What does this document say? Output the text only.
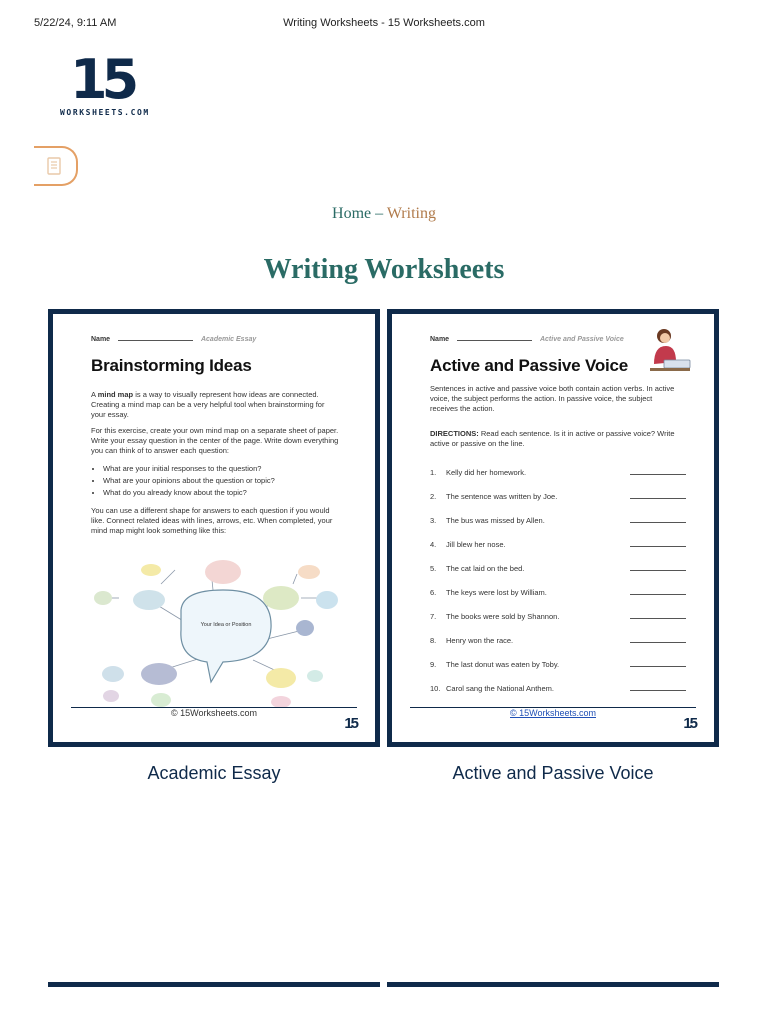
5/22/24, 9:11 AM	Writing Worksheets - 15 Worksheets.com
15
WORKSHEETS.COM
Home – Writing
Writing Worksheets
Name	Academic Essay
Brainstorming Ideas
A mind map is a way to visually represent how ideas are connected. Creating a mind map can be a very helpful tool when brainstorming for your essay.
For this exercise, create your own mind map on a separate sheet of paper. Write your essay question in the center of the page. Write down everything you can think of to answer each question:
• What are your initial responses to the question?
• What are your opinions about the question or topic?
• What do you already know about the topic?
You can use a different shape for answers to each question if you would like. Connect related ideas with lines, arrows, etc. When completed, your mind map might look something like this:
Your Idea or Position
© 15Worksheets.com
15
Name	Active and Passive Voice
Active and Passive Voice
Sentences in active and passive voice both contain action verbs. In active voice, the subject performs the action. In passive voice, the subject receives the action.
DIRECTIONS: Read each sentence. Is it in active or passive voice? Write active or passive on the line.
1. Kelly did her homework.
2. The sentence was written by Joe.
3. The bus was missed by Allen.
4. Jill blew her nose.
5. The cat laid on the bed.
6. The keys were lost by William.
7. The books were sold by Shannon.
8. Henry won the race.
9. The last donut was eaten by Toby.
10. Carol sang the National Anthem.
© 15Worksheets.com
15
Academic Essay	Active and Passive Voice
